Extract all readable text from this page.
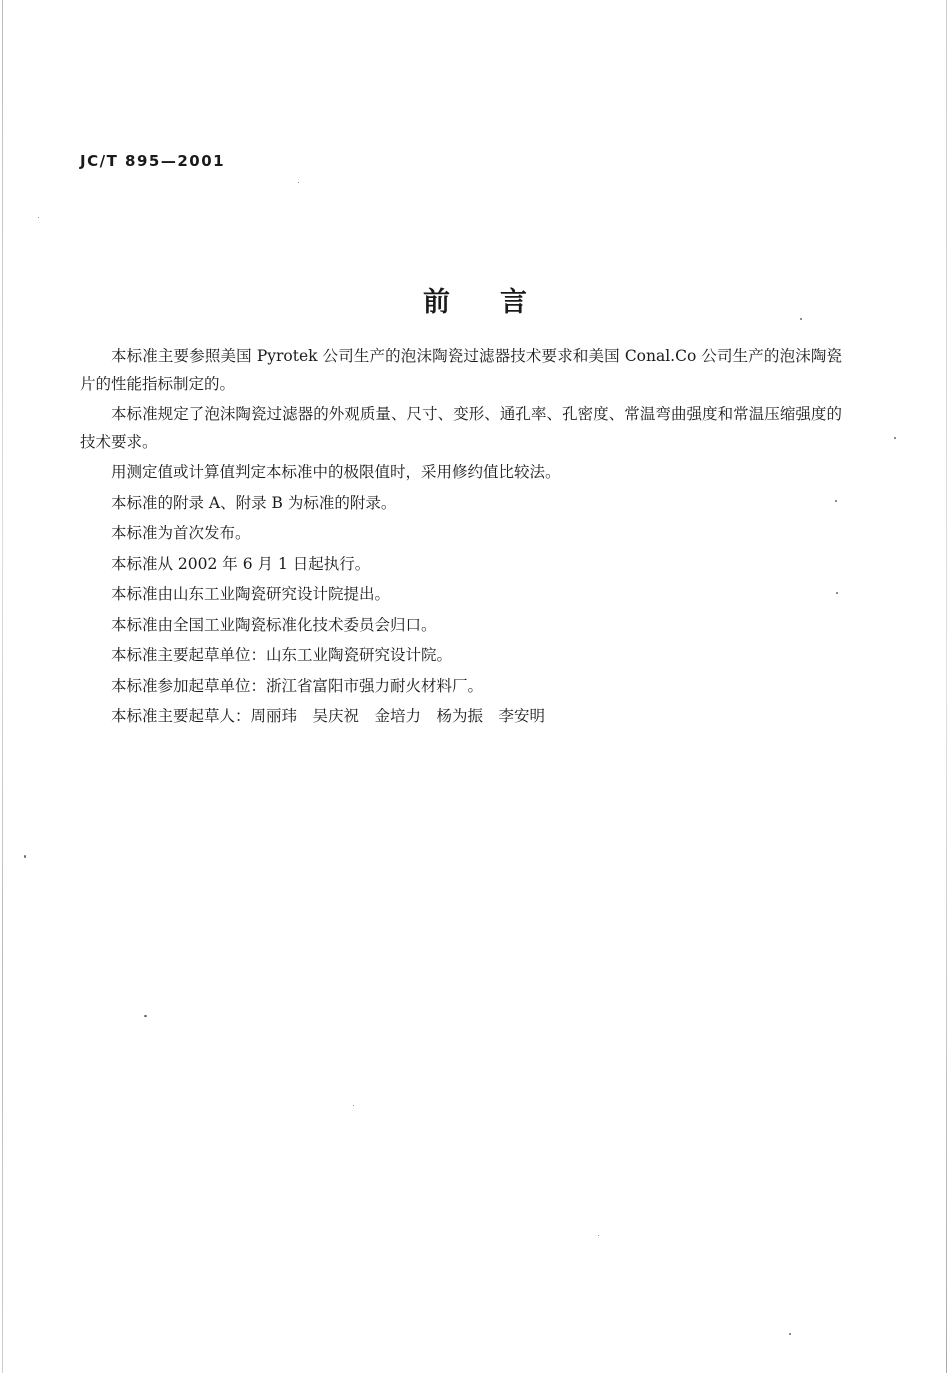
JC/T 895—2001
前言

本标准主要参照美国 Pyrotek 公司生产的泡沫陶瓷过滤器技术要求和美国 Conal.Co 公司生产的泡沫陶瓷片的性能指标制定的。

本标准规定了泡沫陶瓷过滤器的外观质量、尺寸、变形、通孔率、孔密度、常温弯曲强度和常温压缩强度的技术要求。

用测定值或计算值判定本标准中的极限值时，采用修约值比较法。

本标准的附录 A、附录 B 为标准的附录。

本标准为首次发布。

本标准从 2002 年 6 月 1 日起执行。

本标准由山东工业陶瓷研究设计院提出。

本标准由全国工业陶瓷标准化技术委员会归口。

本标准主要起草单位：山东工业陶瓷研究设计院。

本标准参加起草单位：浙江省富阳市强力耐火材料厂。

本标准主要起草人：周丽玮　吴庆祝　金培力　杨为振　李安明
